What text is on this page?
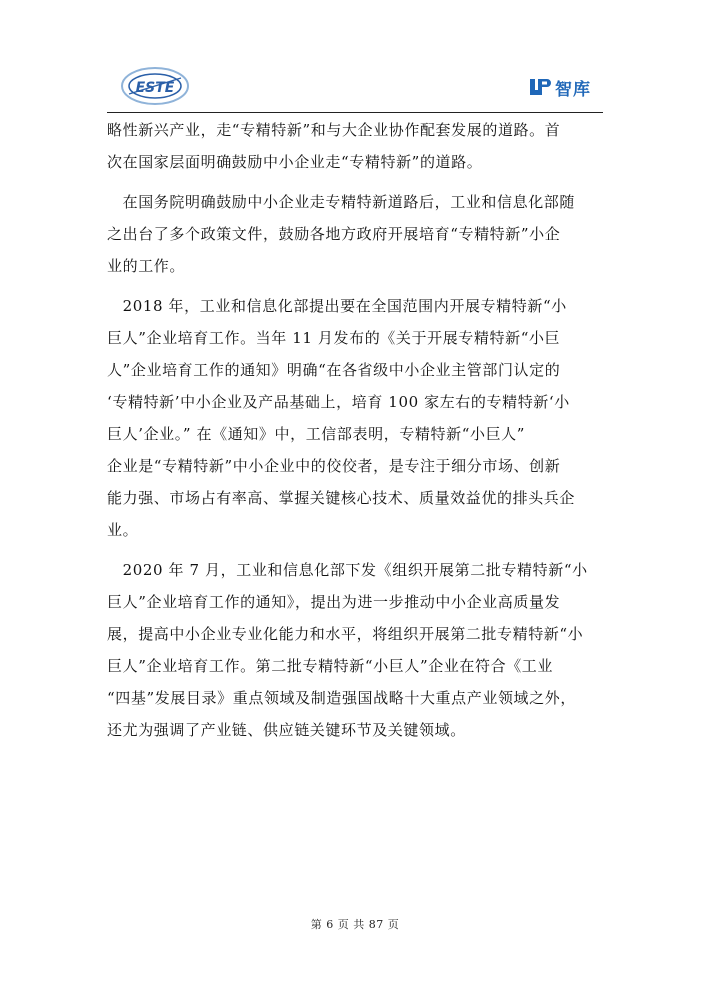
ESTE	智库

略性新兴产业，走“专精特新”和与大企业协作配套发展的道路。首
次在国家层面明确鼓励中小企业走“专精特新”的道路。

　在国务院明确鼓励中小企业走专精特新道路后，工业和信息化部随
之出台了多个政策文件，鼓励各地方政府开展培育“专精特新”小企
业的工作。

　2018 年，工业和信息化部提出要在全国范围内开展专精特新“小
巨人”企业培育工作。当年 11 月发布的《关于开展专精特新“小巨
人”企业培育工作的通知》明确“在各省级中小企业主管部门认定的
‘专精特新’中小企业及产品基础上，培育 100 家左右的专精特新‘小
巨人’企业。” 在《通知》中，工信部表明，专精特新“小巨人”
企业是“专精特新”中小企业中的佼佼者，是专注于细分市场、创新
能力强、市场占有率高、掌握关键核心技术、质量效益优的排头兵企
业。

　2020 年 7 月，工业和信息化部下发《组织开展第二批专精特新“小
巨人”企业培育工作的通知》，提出为进一步推动中小企业高质量发
展，提高中小企业专业化能力和水平，将组织开展第二批专精特新“小
巨人”企业培育工作。第二批专精特新“小巨人”企业在符合《工业
“四基”发展目录》重点领域及制造强国战略十大重点产业领域之外，
还尤为强调了产业链、供应链关键环节及关键领域。

第 6 页 共 87 页
